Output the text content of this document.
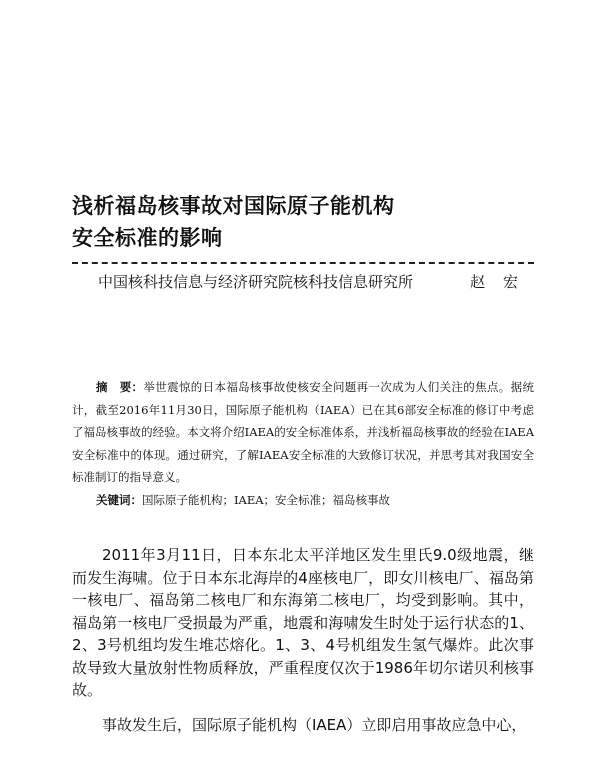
浅析福岛核事故对国际原子能机构
安全标准的影响
中国核科技信息与经济研究院核科技信息研究所	赵宏

摘　要：举世震惊的日本福岛核事故使核安全问题再一次成为人们关注的焦点。据统计，截至2016年11月30日，国际原子能机构（IAEA）已在其6部安全标准的修订中考虑了福岛核事故的经验。本文将介绍IAEA的安全标准体系，并浅析福岛核事故的经验在IAEA安全标准中的体现。通过研究，了解IAEA安全标准的大致修订状况，并思考其对我国安全标准制订的指导意义。

关键词：国际原子能机构；IAEA；安全标准；福岛核事故

2011年3月11日，日本东北太平洋地区发生里氏9.0级地震，继而发生海啸。位于日本东北海岸的4座核电厂，即女川核电厂、福岛第一核电厂、福岛第二核电厂和东海第二核电厂，均受到影响。其中，福岛第一核电厂受损最为严重，地震和海啸发生时处于运行状态的1、2、3号机组均发生堆芯熔化。1、3、4号机组发生氢气爆炸。此次事故导致大量放射性物质释放，严重程度仅次于1986年切尔诺贝利核事故。

事故发生后，国际原子能机构（IAEA）立即启用事故应急中心，
